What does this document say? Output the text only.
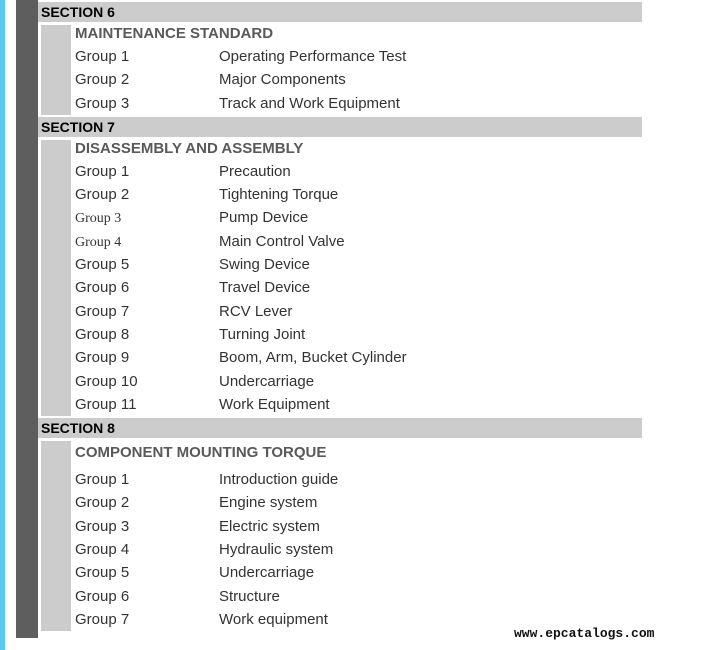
SECTION 6
MAINTENANCE STANDARD
Group 1	Operating Performance Test
Group 2	Major Components
Group 3	Track and Work Equipment
SECTION 7
DISASSEMBLY AND ASSEMBLY
Group 1	Precaution
Group 2	Tightening Torque
Group 3	Pump Device
Group 4	Main Control Valve
Group 5	Swing Device
Group 6	Travel Device
Group 7	RCV Lever
Group 8	Turning Joint
Group 9	Boom, Arm, Bucket Cylinder
Group 10	Undercarriage
Group 11	Work Equipment
SECTION 8
COMPONENT MOUNTING TORQUE
Group 1	Introduction guide
Group 2	Engine system
Group 3	Electric system
Group 4	Hydraulic system
Group 5	Undercarriage
Group 6	Structure
Group 7	Work equipment
www.epcatalogs.com
